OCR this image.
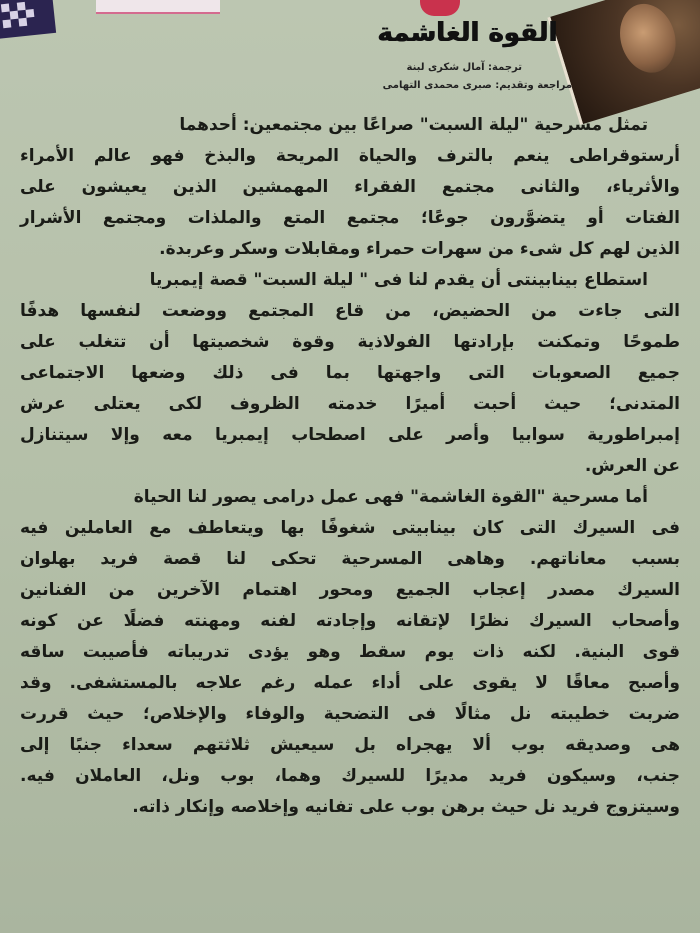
القوة الغاشمة

ترجمة: آمال شكرى لبنة

مراجعة وتقديم: صبرى محمدى التهامى

تمثل مسرحية "ليلة السبت" صراعًا بين مجتمعين: أحدهما
أرستوقراطى ينعم بالترف والحياة المريحة والبذخ فهو عالم الأمراء
والأثرياء، والثانى مجتمع الفقراء المهمشين الذين يعيشون على
الفتات أو يتضوَّرون جوعًا؛ مجتمع المتع والملذات ومجتمع الأشرار
الذين لهم كل شىء من سهرات حمراء ومقابلات وسكر وعربدة.
استطاع بينابينتى أن يقدم لنا فى " ليلة السبت" قصة إيمبريا
التى جاءت من الحضيض، من قاع المجتمع ووضعت لنفسها هدفًا
طموحًا وتمكنت بإرادتها الفولاذية وقوة شخصيتها أن تتغلب على
جميع الصعوبات التى واجهتها بما فى ذلك وضعها الاجتماعى
المتدنى؛ حيث أحبت أميرًا خدمته الظروف لكى يعتلى عرش
إمبراطورية سوابيا وأصر على اصطحاب إيمبريا معه وإلا سيتنازل
عن العرش.
أما مسرحية "القوة الغاشمة" فهى عمل درامى يصور لنا الحياة
فى السيرك التى كان بينابيتى شغوفًا بها ويتعاطف مع العاملين فيه
بسبب معاناتهم. وهاهى المسرحية تحكى لنا قصة فريد بهلوان
السيرك مصدر إعجاب الجميع ومحور اهتمام الآخرين من الفنانين
وأصحاب السيرك نظرًا لإتقانه وإجادته لفنه ومهنته فضلًا عن كونه
قوى البنية. لكنه ذات يوم سقط وهو يؤدى تدريباته فأصيبت ساقه
وأصبح معاقًا لا يقوى على أداء عمله رغم علاجه بالمستشفى. وقد
ضربت خطيبته نل مثالًا فى التضحية والوفاء والإخلاص؛ حيث قررت
هى وصديقه بوب ألا يهجراه بل سيعيش ثلاثتهم سعداء جنبًا إلى
جنب، وسيكون فريد مديرًا للسيرك وهما، بوب ونل، العاملان فيه.
وسيتزوج فريد نل حيث برهن بوب على تفانيه وإخلاصه وإنكار ذاته.
